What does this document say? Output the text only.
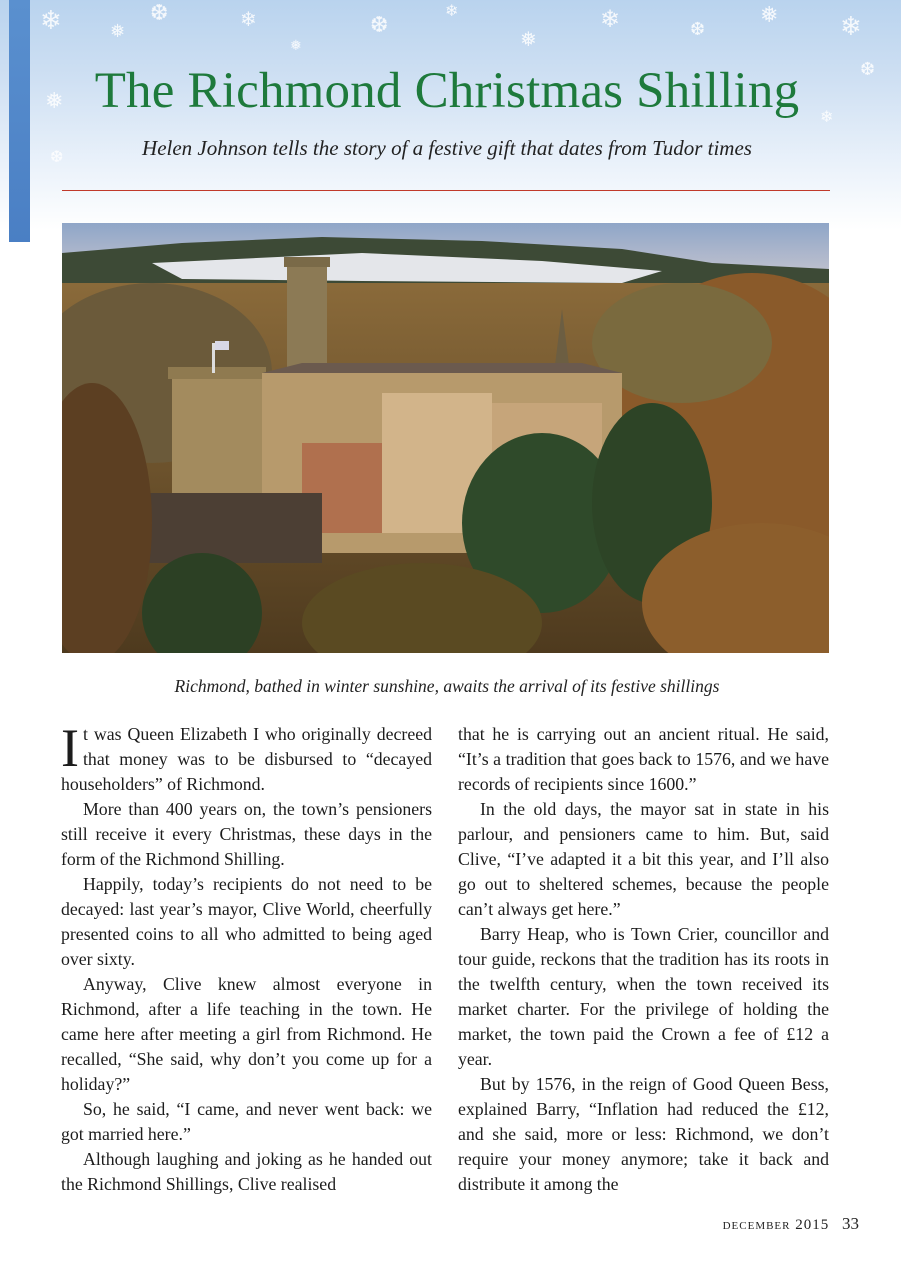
❄	❅
❆	❄
❅
❆
❄
❅
❄	❆
❅ ❄
❆
❅
❄
❆
The Richmond Christmas Shilling

Helen Johnson tells the story of a festive gift that dates from Tudor times

Richmond, bathed in winter sunshine, awaits the arrival of its festive shillings

It was Queen Elizabeth I who originally decreed that money was to be disbursed to “decayed householders” of Richmond.

More than 400 years on, the town’s pensioners still receive it every Christmas, these days in the form of the Richmond Shilling.

Happily, today’s recipients do not need to be decayed: last year’s mayor, Clive World, cheerfully presented coins to all who admitted to being aged over sixty.

Anyway, Clive knew almost everyone in Richmond, after a life teaching in the town. He came here after meeting a girl from Richmond. He recalled, “She said, why don’t you come up for a holiday?”

So, he said, “I came, and never went back: we got married here.”

Although laughing and joking as he handed out the Richmond Shillings, Clive realised

that he is carrying out an ancient ritual. He said, “It’s a tradition that goes back to 1576, and we have records of recipients since 1600.”

In the old days, the mayor sat in state in his parlour, and pensioners came to him. But, said Clive, “I’ve adapted it a bit this year, and I’ll also go out to sheltered schemes, because the people can’t always get here.”

Barry Heap, who is Town Crier, councillor and tour guide, reckons that the tradition has its roots in the twelfth century, when the town received its market charter. For the privilege of holding the market, the town paid the Crown a fee of £12 a year.

But by 1576, in the reign of Good Queen Bess, explained Barry, “Inflation had reduced the £12, and she said, more or less: Richmond, we don’t require your money anymore; take it back and distribute it among the

december 2015 33
